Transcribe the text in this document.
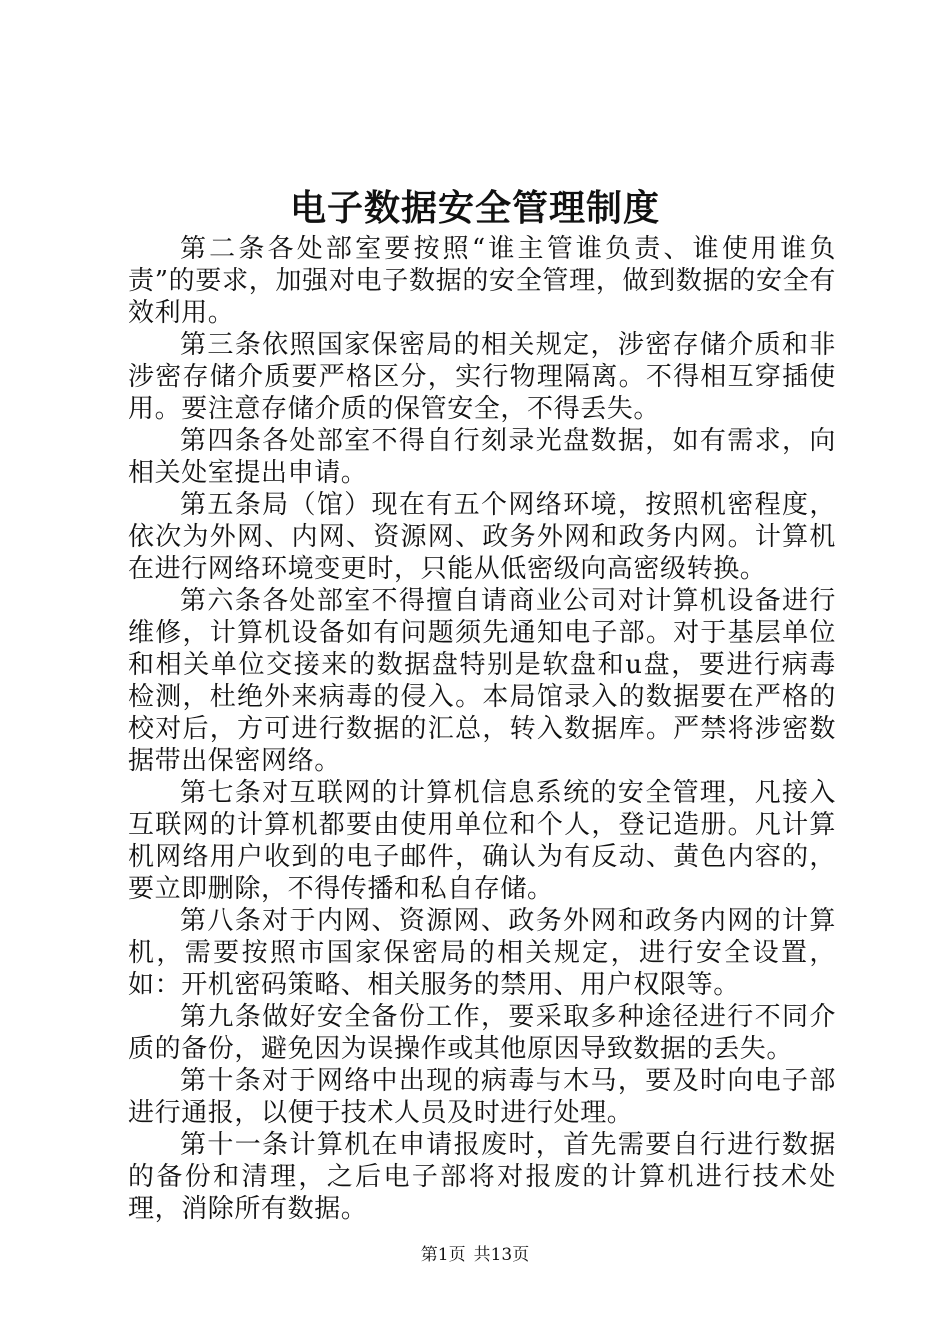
电子数据安全管理制度

第二条各处部室要按照“谁主管谁负责、谁使用谁负责”的要求，加强对电子数据的安全管理，做到数据的安全有效利用。

第三条依照国家保密局的相关规定，涉密存储介质和非涉密存储介质要严格区分，实行物理隔离。不得相互穿插使用。要注意存储介质的保管安全，不得丢失。

第四条各处部室不得自行刻录光盘数据，如有需求，向相关处室提出申请。

第五条局（馆）现在有五个网络环境，按照机密程度，依次为外网、内网、资源网、政务外网和政务内网。计算机在进行网络环境变更时，只能从低密级向高密级转换。

第六条各处部室不得擅自请商业公司对计算机设备进行维修，计算机设备如有问题须先通知电子部。对于基层单位和相关单位交接来的数据盘特别是软盘和u盘，要进行病毒检测，杜绝外来病毒的侵入。本局馆录入的数据要在严格的校对后，方可进行数据的汇总，转入数据库。严禁将涉密数据带出保密网络。

第七条对互联网的计算机信息系统的安全管理，凡接入互联网的计算机都要由使用单位和个人，登记造册。凡计算机网络用户收到的电子邮件，确认为有反动、黄色内容的，要立即删除，不得传播和私自存储。

第八条对于内网、资源网、政务外网和政务内网的计算机，需要按照市国家保密局的相关规定，进行安全设置，如：开机密码策略、相关服务的禁用、用户权限等。

第九条做好安全备份工作，要采取多种途径进行不同介质的备份，避免因为误操作或其他原因导致数据的丢失。

第十条对于网络中出现的病毒与木马，要及时向电子部进行通报，以便于技术人员及时进行处理。

第十一条计算机在申请报废时，首先需要自行进行数据的备份和清理，之后电子部将对报废的计算机进行技术处理，消除所有数据。

第1页 共13页
